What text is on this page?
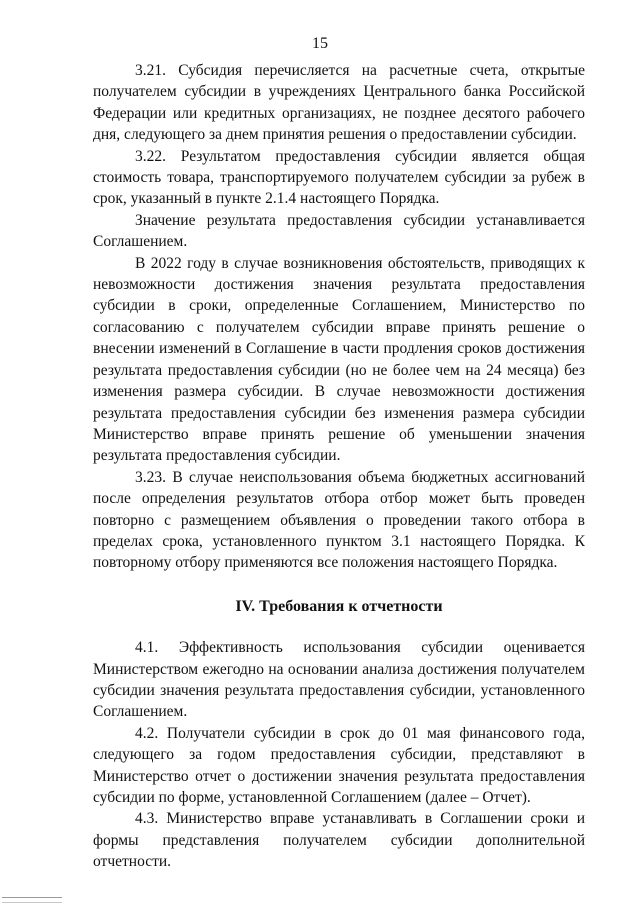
15

3.21. Субсидия перечисляется на расчетные счета, открытые получателем субсидии в учреждениях Центрального банка Российской Федерации или кредитных организациях, не позднее десятого рабочего дня, следующего за днем принятия решения о предоставлении субсидии.

3.22. Результатом предоставления субсидии является общая стоимость товара, транспортируемого получателем субсидии за рубеж в срок, указанный в пункте 2.1.4 настоящего Порядка.

Значение результата предоставления субсидии устанавливается Соглашением.

В 2022 году в случае возникновения обстоятельств, приводящих к невозможности достижения значения результата предоставления субсидии в сроки, определенные Соглашением, Министерство по согласованию с получателем субсидии вправе принять решение о внесении изменений в Соглашение в части продления сроков достижения результата предоставления субсидии (но не более чем на 24 месяца) без изменения размера субсидии. В случае невозможности достижения результата предоставления субсидии без изменения размера субсидии Министерство вправе принять решение об уменьшении значения результата предоставления субсидии.

3.23. В случае неиспользования объема бюджетных ассигнований после определения результатов отбора отбор может быть проведен повторно с размещением объявления о проведении такого отбора в пределах срока, установленного пунктом 3.1 настоящего Порядка. К повторному отбору применяются все положения настоящего Порядка.

IV. Требования к отчетности

4.1. Эффективность использования субсидии оценивается Министерством ежегодно на основании анализа достижения получателем субсидии значения результата предоставления субсидии, установленного Соглашением.

4.2. Получатели субсидии в срок до 01 мая финансового года, следующего за годом предоставления субсидии, представляют в Министерство отчет о достижении значения результата предоставления субсидии по форме, установленной Соглашением (далее – Отчет).

4.3. Министерство вправе устанавливать в Соглашении сроки и формы представления получателем субсидии дополнительной отчетности.
